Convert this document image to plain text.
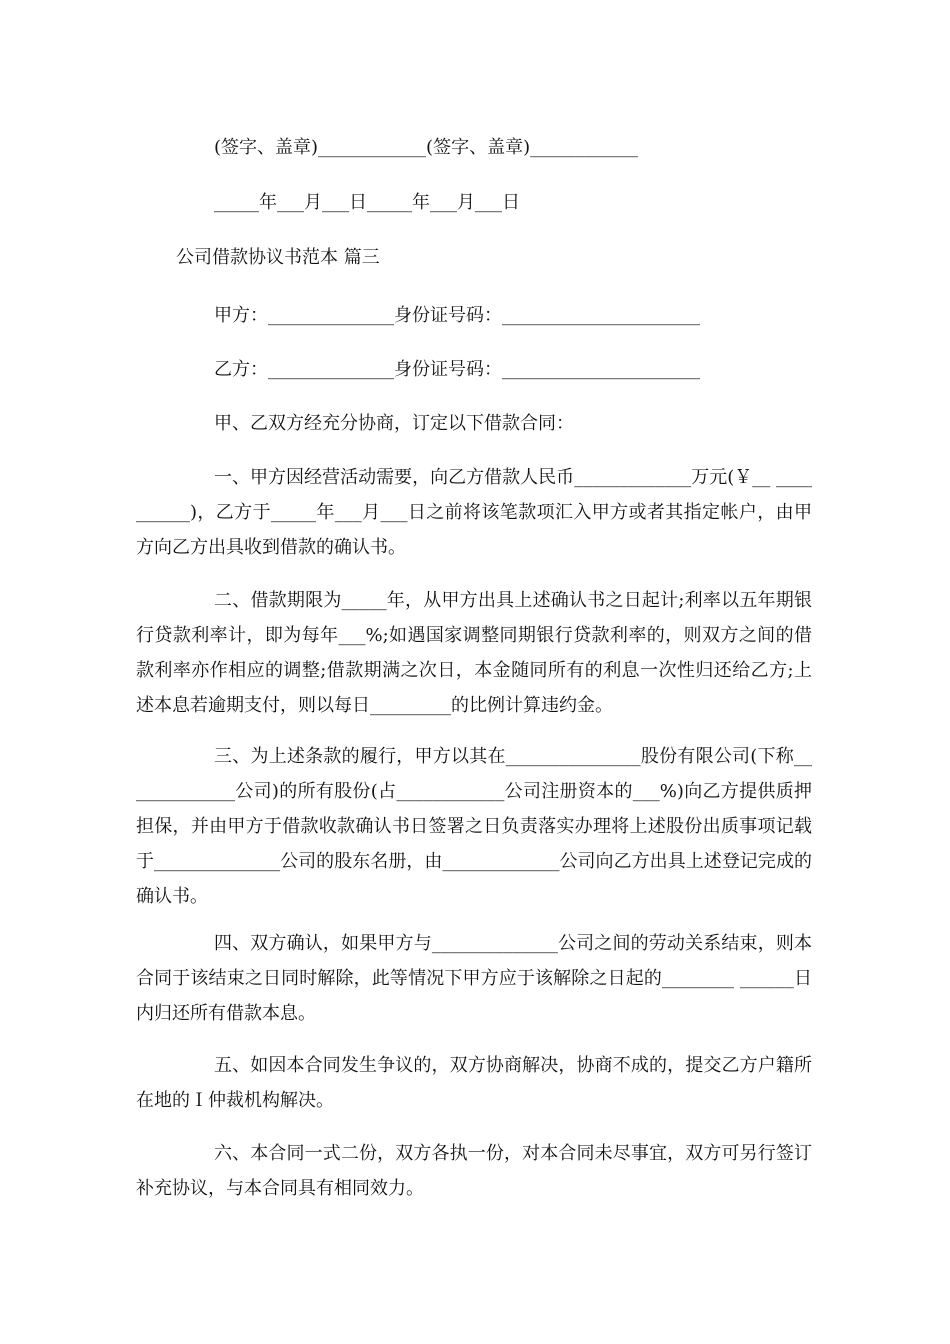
(签字、盖章)____________(签字、盖章)____________
_____年___月___日_____年___月___日
公司借款协议书范本 篇三
甲方：______________身份证号码：______________________
乙方：______________身份证号码：______________________
甲、乙双方经充分协商，订定以下借款合同：
一、甲方因经营活动需要，向乙方借款人民币_____________万元(￥__ __________)，乙方于_____年___月___日之前将该笔款项汇入甲方或者其指定帐户，由甲方向乙方出具收到借款的确认书。
二、借款期限为_____年，从甲方出具上述确认书之日起计;利率以五年期银行贷款利率计，即为每年___%;如遇国家调整同期银行贷款利率的，则双方之间的借款利率亦作相应的调整;借款期满之次日，本金随同所有的利息一次性归还给乙方;上述本息若逾期支付，则以每日_________的比例计算违约金。
三、为上述条款的履行，甲方以其在_______________股份有限公司(下称_____________公司)的所有股份(占____________公司注册资本的___%)向乙方提供质押担保，并由甲方于借款收款确认书日签署之日负责落实办理将上述股份出质事项记载于______________公司的股东名册，由_____________公司向乙方出具上述登记完成的确认书。
四、双方确认，如果甲方与______________公司之间的劳动关系结束，则本合同于该结束之日同时解除，此等情况下甲方应于该解除之日起的________ ______日内归还所有借款本息。
五、如因本合同发生争议的，双方协商解决，协商不成的，提交乙方户籍所在地的Ｉ仲裁机构解决。
六、本合同一式二份，双方各执一份，对本合同未尽事宜，双方可另行签订补充协议，与本合同具有相同效力。
